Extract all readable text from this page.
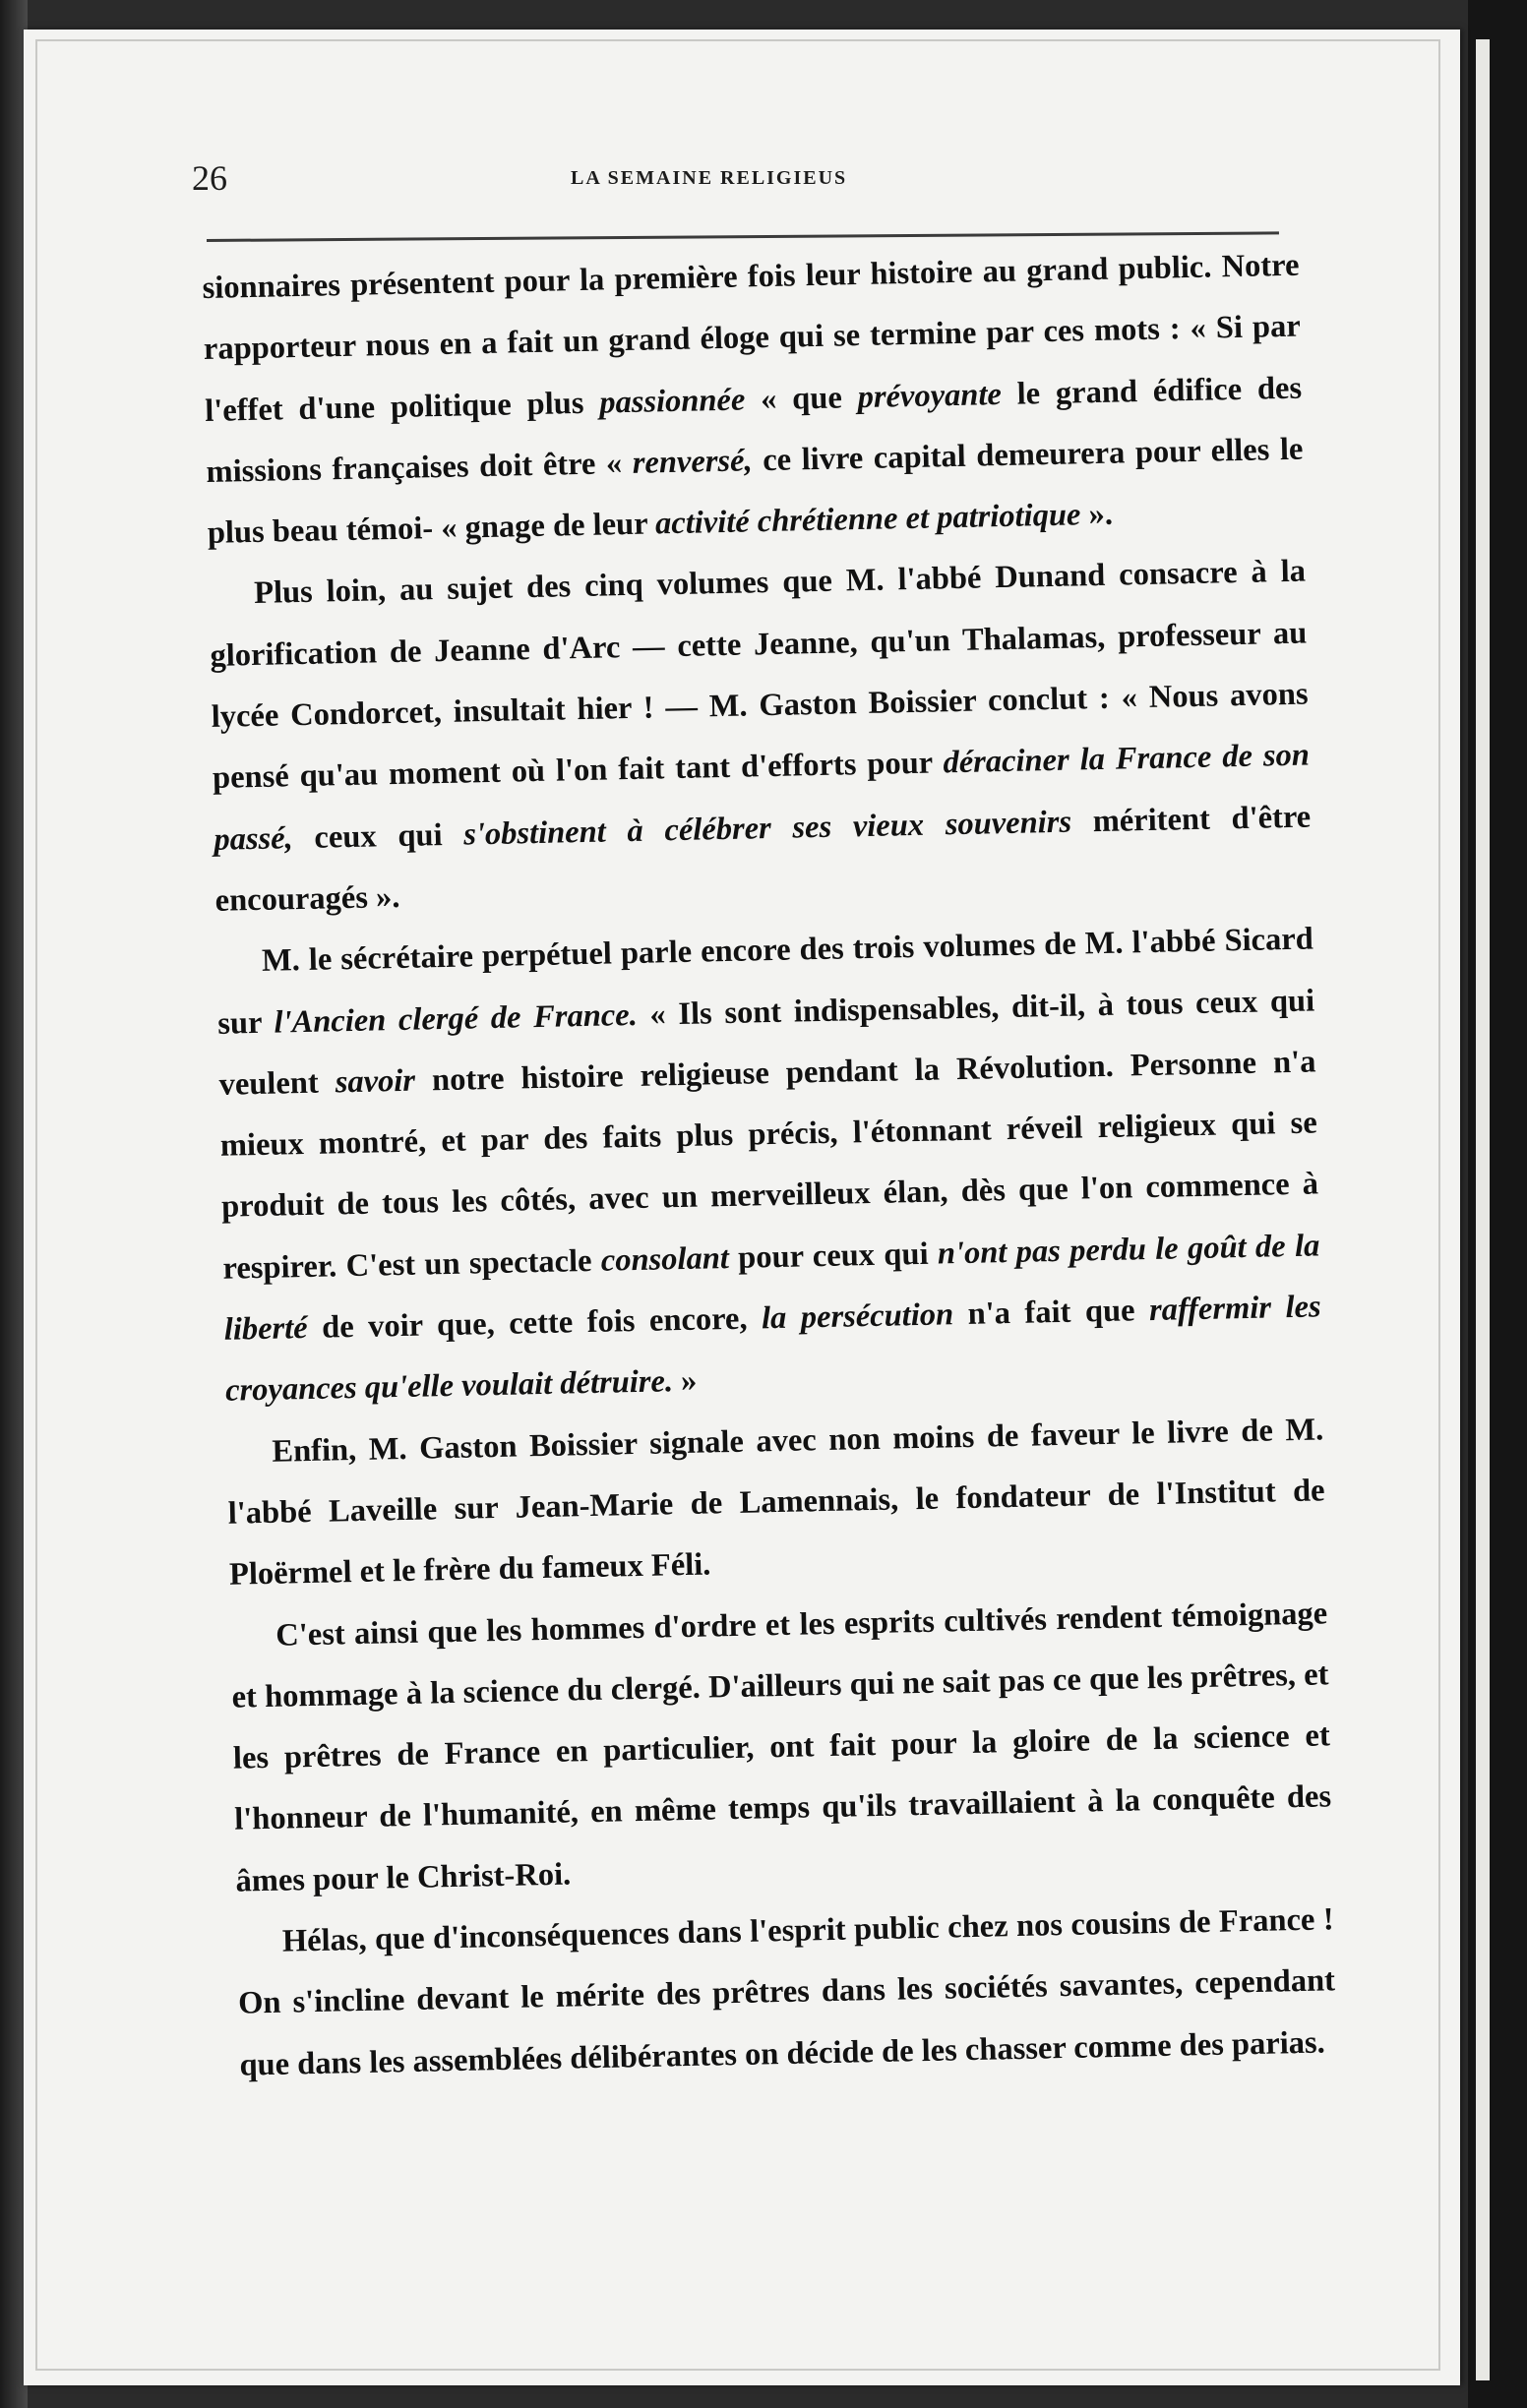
26	LA SEMAINE RELIGIEUS

sionnaires présentent pour la première fois leur histoire au grand public. Notre rapporteur nous en a fait un grand éloge qui se termine par ces mots : « Si par l'effet d'une politique plus passionnée « que prévoyante le grand édifice des missions françaises doit être « renversé, ce livre capital demeurera pour elles le plus beau témoi- « gnage de leur activité chrétienne et patriotique ».

Plus loin, au sujet des cinq volumes que M. l'abbé Dunand consacre à la glorification de Jeanne d'Arc — cette Jeanne, qu'un Thalamas, professeur au lycée Condorcet, insultait hier ! — M. Gaston Boissier conclut : « Nous avons pensé qu'au moment où l'on fait tant d'efforts pour déraciner la France de son passé, ceux qui s'obstinent à célébrer ses vieux souvenirs méritent d'être encouragés ».

M. le sécrétaire perpétuel parle encore des trois volumes de M. l'abbé Sicard sur l'Ancien clergé de France. « Ils sont indispensables, dit-il, à tous ceux qui veulent savoir notre histoire religieuse pendant la Révolution. Personne n'a mieux montré, et par des faits plus précis, l'étonnant réveil religieux qui se produit de tous les côtés, avec un merveilleux élan, dès que l'on commence à respirer. C'est un spectacle consolant pour ceux qui n'ont pas perdu le goût de la liberté de voir que, cette fois encore, la persécution n'a fait que raffermir les croyances qu'elle voulait détruire. »

Enfin, M. Gaston Boissier signale avec non moins de faveur le livre de M. l'abbé Laveille sur Jean-Marie de Lamennais, le fondateur de l'Institut de Ploërmel et le frère du fameux Féli.

C'est ainsi que les hommes d'ordre et les esprits cultivés rendent témoignage et hommage à la science du clergé. D'ailleurs qui ne sait pas ce que les prêtres, et les prêtres de France en particulier, ont fait pour la gloire de la science et l'honneur de l'humanité, en même temps qu'ils travaillaient à la conquête des âmes pour le Christ-Roi.

Hélas, que d'inconséquences dans l'esprit public chez nos cousins de France ! On s'incline devant le mérite des prêtres dans les sociétés savantes, cependant que dans les assemblées délibérantes on décide de les chasser comme des parias.
